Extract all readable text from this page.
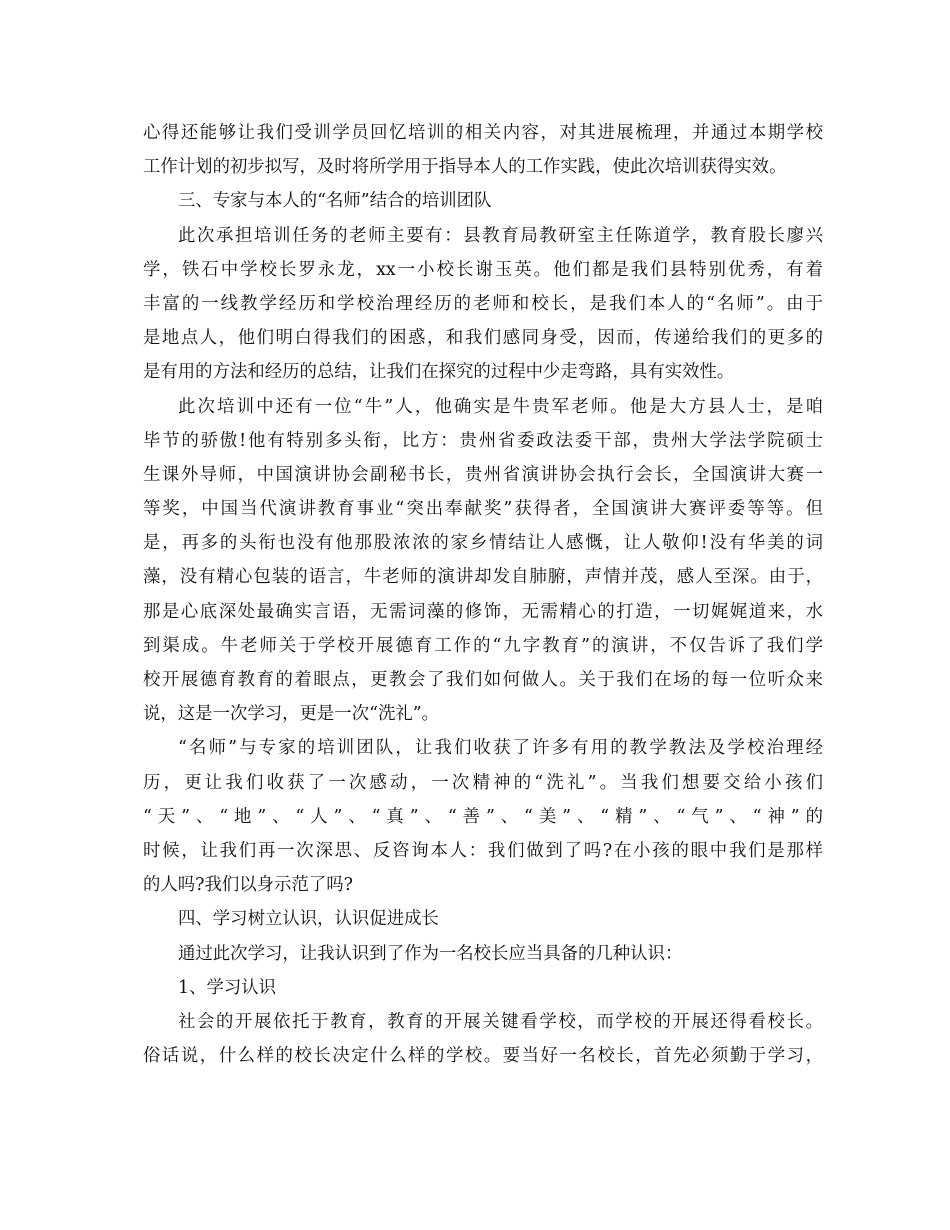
心得还能够让我们受训学员回忆培训的相关内容，对其进展梳理，并通过本期学校
工作计划的初步拟写，及时将所学用于指导本人的工作实践，使此次培训获得实效。
三、专家与本人的“名师”结合的培训团队
此次承担培训任务的老师主要有：县教育局教研室主任陈道学，教育股长廖兴
学，铁石中学校长罗永龙，xx一小校长谢玉英。他们都是我们县特别优秀，有着
丰富的一线教学经历和学校治理经历的老师和校长，是我们本人的“名师”。由于
是地点人，他们明白得我们的困惑，和我们感同身受，因而，传递给我们的更多的
是有用的方法和经历的总结，让我们在探究的过程中少走弯路，具有实效性。
此次培训中还有一位“牛”人，他确实是牛贵军老师。他是大方县人士，是咱
毕节的骄傲!他有特别多头衔，比方：贵州省委政法委干部，贵州大学法学院硕士
生课外导师，中国演讲协会副秘书长，贵州省演讲协会执行会长，全国演讲大赛一
等奖，中国当代演讲教育事业“突出奉献奖”获得者，全国演讲大赛评委等等。但
是，再多的头衔也没有他那股浓浓的家乡情结让人感慨，让人敬仰!没有华美的词
藻，没有精心包装的语言，牛老师的演讲却发自肺腑，声情并茂，感人至深。由于，
那是心底深处最确实言语，无需词藻的修饰，无需精心的打造，一切娓娓道来，水
到渠成。牛老师关于学校开展德育工作的“九字教育”的演讲，不仅告诉了我们学
校开展德育教育的着眼点，更教会了我们如何做人。关于我们在场的每一位听众来
说，这是一次学习，更是一次“洗礼”。
“名师”与专家的培训团队，让我们收获了许多有用的教学教法及学校治理经
历，更让我们收获了一次感动，一次精神的“洗礼”。当我们想要交给小孩们
“天”、“地”、“人”、“真”、“善”、“美”、“精”、“气”、“神”的
时候，让我们再一次深思、反咨询本人：我们做到了吗?在小孩的眼中我们是那样
的人吗?我们以身示范了吗?
四、学习树立认识，认识促进成长
通过此次学习，让我认识到了作为一名校长应当具备的几种认识：
1、学习认识
社会的开展依托于教育，教育的开展关键看学校，而学校的开展还得看校长。
俗话说，什么样的校长决定什么样的学校。要当好一名校长，首先必须勤于学习，
